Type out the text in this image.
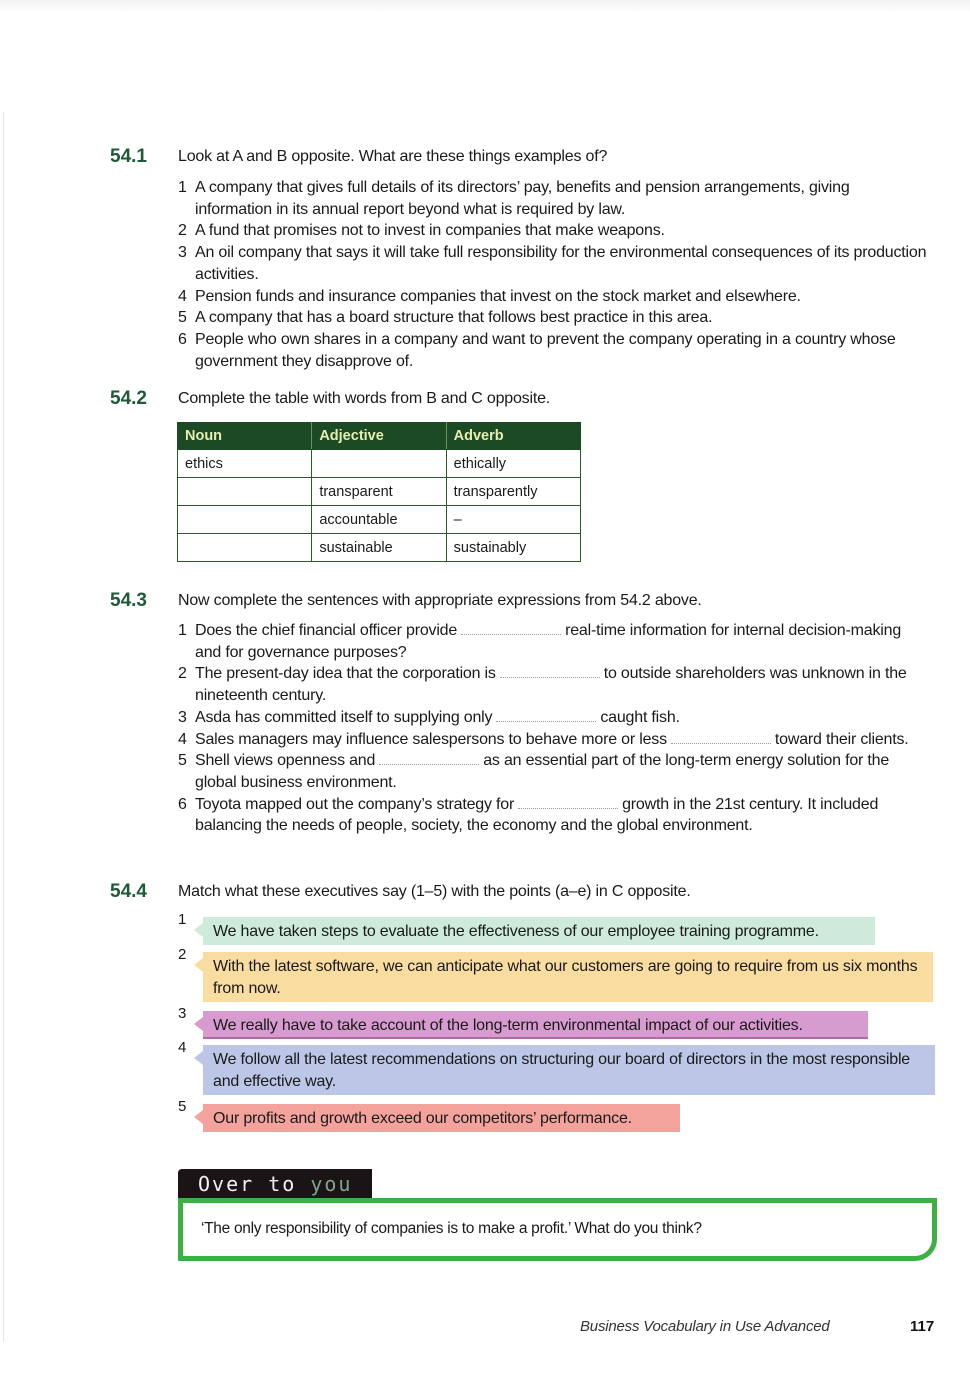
54.1 Look at A and B opposite. What are these things examples of?
1 A company that gives full details of its directors’ pay, benefits and pension arrangements, giving information in its annual report beyond what is required by law.
2 A fund that promises not to invest in companies that make weapons.
3 An oil company that says it will take full responsibility for the environmental consequences of its production activities.
4 Pension funds and insurance companies that invest on the stock market and elsewhere.
5 A company that has a board structure that follows best practice in this area.
6 People who own shares in a company and want to prevent the company operating in a country whose government they disapprove of.
54.2 Complete the table with words from B and C opposite.
Noun	Adjective	Adverb
ethics		ethically
	transparent	transparently
	accountable	–
	sustainable	sustainably
54.3 Now complete the sentences with appropriate expressions from 54.2 above.
1 Does the chief financial officer provide	real-time information for internal decision-making and for governance purposes?
2 The present-day idea that the corporation is	to outside shareholders was unknown in the nineteenth century.
3 Asda has committed itself to supplying only	caught fish.
4 Sales managers may influence salespersons to behave more or less	toward their clients.
5 Shell views openness and	as an essential part of the long-term energy solution for the global business environment.
6 Toyota mapped out the company’s strategy for	growth in the 21st century. It included balancing the needs of people, society, the economy and the global environment.
54.4 Match what these executives say (1–5) with the points (a–e) in C opposite.
1
We have taken steps to evaluate the effectiveness of our employee training programme.
2
With the latest software, we can anticipate what our customers are going to require from us six months from now.
3
We really have to take account of the long-term environmental impact of our activities.
4
We follow all the latest recommendations on structuring our board of directors in the most responsible and effective way.
5
Our profits and growth exceed our competitors’ performance.
Over to you
‘The only responsibility of companies is to make a profit.’ What do you think?
Business Vocabulary in Use Advanced	117
